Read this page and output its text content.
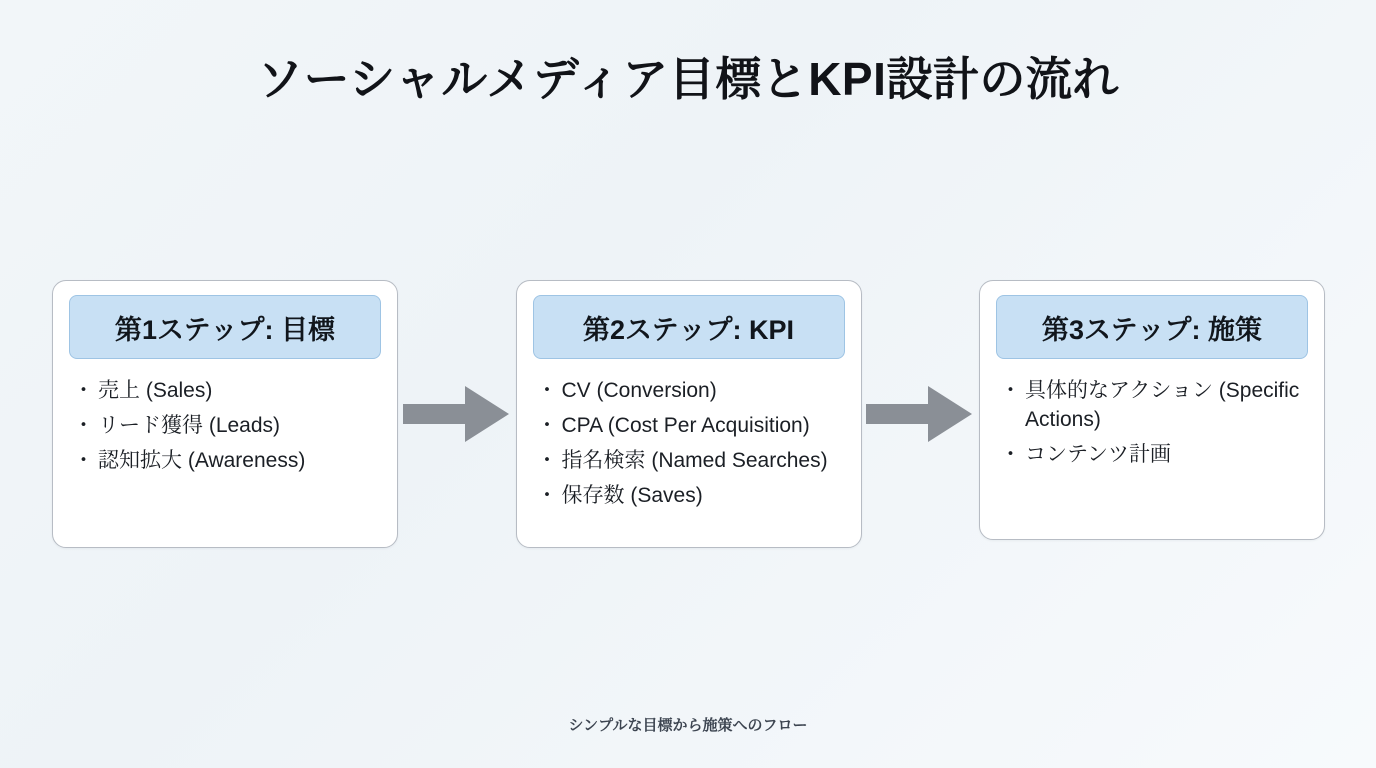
ソーシャルメディア目標とKPI設計の流れ
第1ステップ: 目標
・ 売上 (Sales)
・ リード獲得 (Leads)
・ 認知拡大 (Awareness)
第2ステップ: KPI
・ CV (Conversion)
・ CPA (Cost Per Acquisition)
・ 指名検索 (Named Searches)
・ 保存数 (Saves)
第3ステップ: 施策
・ 具体的なアクション (Specific Actions)
・ コンテンツ計画
シンプルな目標から施策へのフロー
